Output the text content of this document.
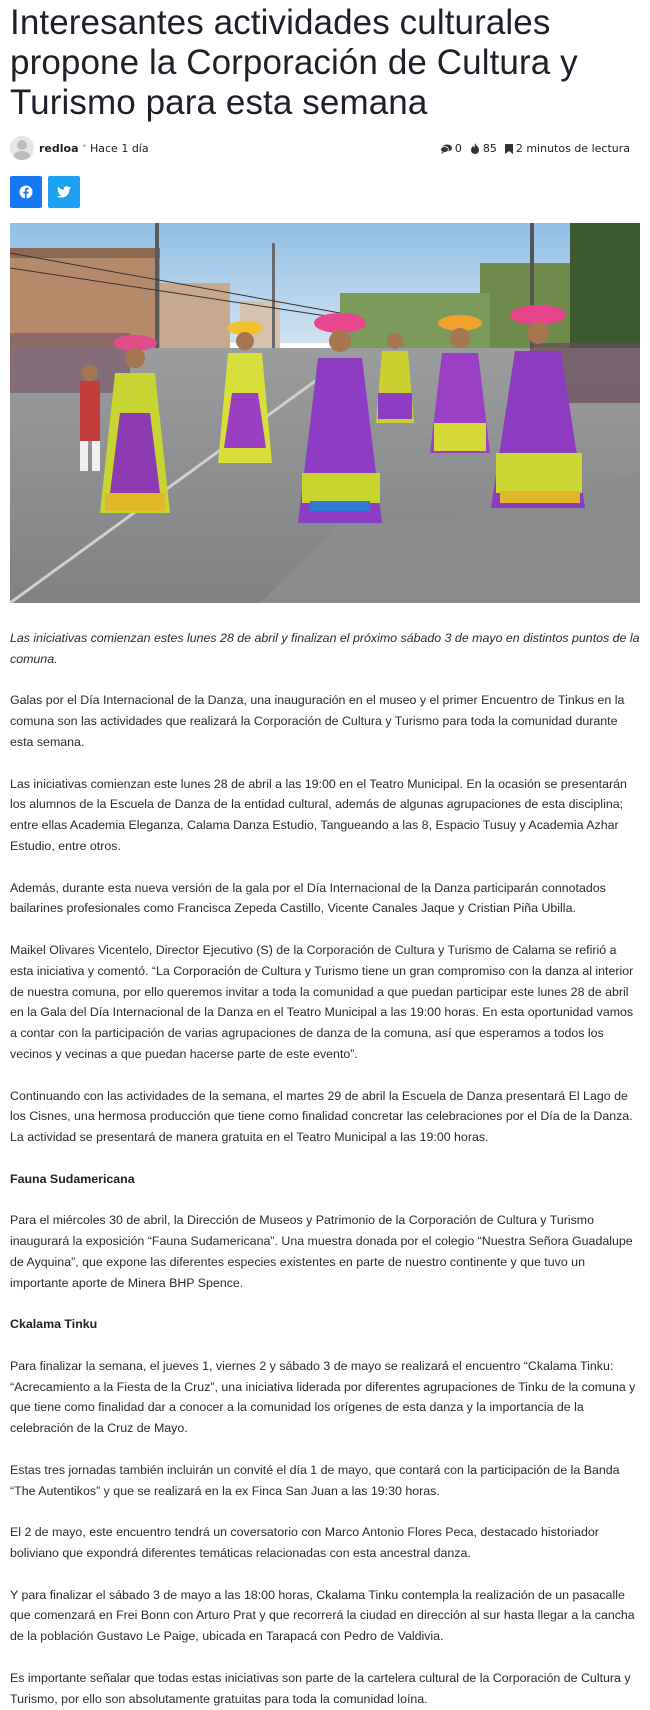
Interesantes actividades culturales propone la Corporación de Cultura y Turismo para esta semana
redloa • Hace 1 día	0 85 2 minutos de lectura

Las iniciativas comienzan estes lunes 28 de abril y finalizan el próximo sábado 3 de mayo en distintos puntos de la comuna.

Galas por el Día Internacional de la Danza, una inauguración en el museo y el primer Encuentro de Tinkus en la comuna son las actividades que realizará la Corporación de Cultura y Turismo para toda la comunidad durante esta semana.

Las iniciativas comienzan este lunes 28 de abril a las 19:00 en el Teatro Municipal. En la ocasión se presentarán los alumnos de la Escuela de Danza de la entidad cultural, además de algunas agrupaciones de esta disciplina; entre ellas Academia Eleganza, Calama Danza Estudio, Tangueando a las 8, Espacio Tusuy y Academia Azhar Estudio, entre otros.

Además, durante esta nueva versión de la gala por el Día Internacional de la Danza participarán connotados bailarines profesionales como Francisca Zepeda Castillo, Vicente Canales Jaque y Cristian Piña Ubilla.

Maikel Olivares Vicentelo, Director Ejecutivo (S) de la Corporación de Cultura y Turismo de Calama se refirió a esta iniciativa y comentó. “La Corporación de Cultura y Turismo tiene un gran compromiso con la danza al interior de nuestra comuna, por ello queremos invitar a toda la comunidad a que puedan participar este lunes 28 de abril en la Gala del Día Internacional de la Danza en el Teatro Municipal a las 19:00 horas. En esta oportunidad vamos a contar con la participación de varias agrupaciones de danza de la comuna, así que esperamos a todos los vecinos y vecinas a que puedan hacerse parte de este evento”.

Continuando con las actividades de la semana, el martes 29 de abril la Escuela de Danza presentará El Lago de los Cisnes, una hermosa producción que tiene como finalidad concretar las celebraciones por el Día de la Danza. La actividad se presentará de manera gratuita en el Teatro Municipal a las 19:00 horas.

Fauna Sudamericana

Para el miércoles 30 de abril, la Dirección de Museos y Patrimonio de la Corporación de Cultura y Turismo inaugurará la exposición “Fauna Sudamericana”. Una muestra donada por el colegio “Nuestra Señora Guadalupe de Ayquina”, que expone las diferentes especies existentes en parte de nuestro continente y que tuvo un importante aporte de Minera BHP Spence.

Ckalama Tinku

Para finalizar la semana, el jueves 1, viernes 2 y sábado 3 de mayo se realizará el encuentro “Ckalama Tinku: “Acrecamiento a la Fiesta de la Cruz”, una iniciativa liderada por diferentes agrupaciones de Tinku de la comuna y que tiene como finalidad dar a conocer a la comunidad los orígenes de esta danza y la importancia de la celebración de la Cruz de Mayo.

Estas tres jornadas también incluirán un convité el día 1 de mayo, que contará con la participación de la Banda “The Autentikos” y que se realizará en la ex Finca San Juan a las 19:30 horas.

El 2 de mayo, este encuentro tendrá un coversatorio con Marco Antonio Flores Peca, destacado historiador boliviano que expondrá diferentes temáticas relacionadas con esta ancestral danza.

Y para finalizar el sábado 3 de mayo a las 18:00 horas, Ckalama Tinku contempla la realización de un pasacalle que comenzará en Frei Bonn con Arturo Prat y que recorrerá la ciudad en dirección al sur hasta llegar a la cancha de la población Gustavo Le Paige, ubicada en Tarapacá con Pedro de Valdivia.

Es importante señalar que todas estas iniciativas son parte de la cartelera cultural de la Corporación de Cultura y Turismo, por ello son absolutamente gratuitas para toda la comunidad loína.
